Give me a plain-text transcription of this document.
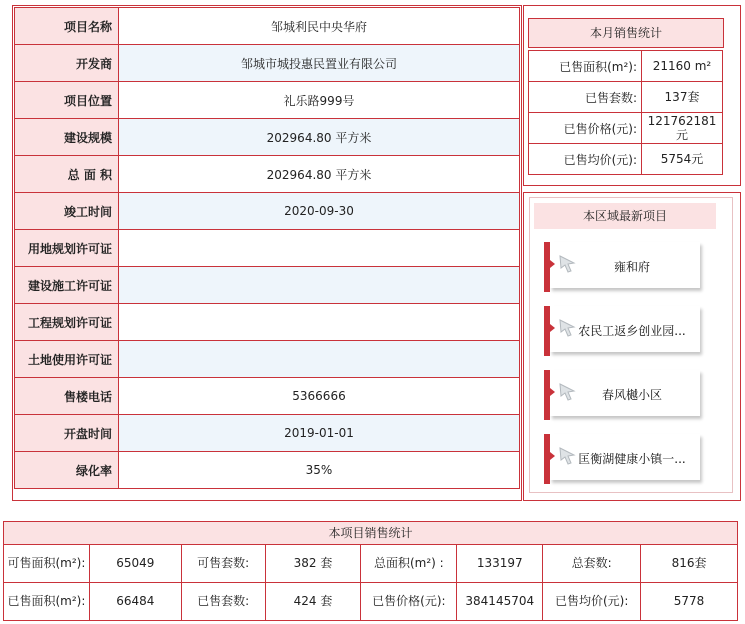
项目名称	邹城利民中央华府
开发商	邹城市城投惠民置业有限公司
项目位置	礼乐路999号
建设规模	202964.80 平方米
总 面 积	202964.80 平方米
竣工时间	2020-09-30
用地规划许可证	
建设施工许可证	
工程规划许可证	
土地使用许可证	
售楼电话	5366666
开盘时间	2019-01-01
绿化率	35%
本月销售统计
已售面积(m²):	21160 m²
已售套数:	137套
已售价格(元):	121762181元
已售均价(元):	5754元
本区域最新项目
雍和府
农民工返乡创业园...
春风樾小区
匡衡湖健康小镇一...
本项目销售统计
可售面积(m²):	65049	可售套数:	382 套	总面积(m²) :	133197	总套数:	816套
已售面积(m²):	66484	已售套数:	424 套	已售价格(元):	384145704	已售均价(元):	5778
